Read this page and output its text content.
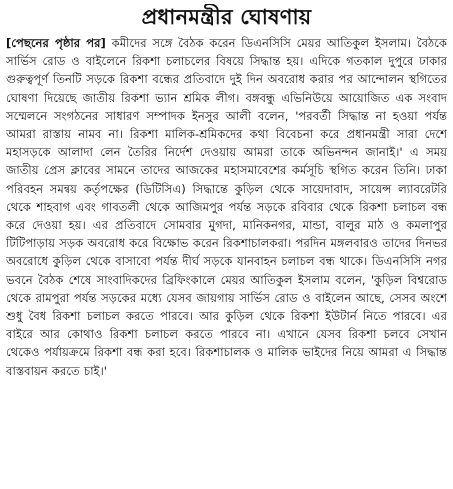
প্রধানমন্ত্রীর ঘোষণায়

[পেছনের পৃষ্ঠার পর] কমীদের সঙ্গে বৈঠক করেন ডিএনসিসি মেয়র আতিকুল ইসলাম। বৈঠকে সার্ভিস রোড ও বাইলেনে রিকশা চলাচলের বিষয়ে সিদ্ধান্ত হয়। এদিকে গতকাল দুপুরে ঢাকার গুরুত্বপূর্ণ তিনটি সড়কে রিকশা বন্ধের প্রতিবাদে দুই দিন অবরোধ করার পর আন্দোলন স্থগিতের ঘোষণা দিয়েছে জাতীয় রিকশা ভ্যান শ্রমিক লীগ। বঙ্গবন্ধু এভিনিউয়ে আয়োজিত এক সংবাদ সম্মেলনে সংগঠনের সাধারণ সম্পাদক ইনসুর আলী বলেন, 'পরবর্তী সিদ্ধান্ত না হওয়া পর্যন্ত আমরা রাস্তায় নামব না। রিকশা মালিক-শ্রমিকদের কথা বিবেচনা করে প্রধানমন্ত্রী সারা দেশে মহাসড়কে আলাদা লেন তৈরির নির্দেশ দেওয়ায় আমরা তাকে অভিনন্দন জানাই।' এ সময় জাতীয় প্রেস ক্লাবের সামনে তাদের আজকের মহাসমাবেশের কর্মসূচি স্থগিত করেন তিনি। ঢাকা পরিবহন সমন্বয় কর্তৃপক্ষের (ডিটিসিএ) সিদ্ধান্তে কুড়িল থেকে সায়েদাবাদ, সায়েন্স ল্যাবরেটরি থেকে শাহবাগ এবং গাবতলী থেকে আজিমপুর পর্যন্ত সড়কে রবিবার থেকে রিকশা চলাচল বন্ধ করে দেওয়া হয়। এর প্রতিবাদে সোমবার মুগদা, মানিকনগর, মান্ডা, বালুর মাঠ ও কমলাপুর টিটিপাড়ায় সড়ক অবরোধ করে বিক্ষোভ করেন রিকশাচালকরা। পরদিন মঙ্গলবারও তাদের দিনভর অবরোধে কুড়িল থেকে বাসাবো পর্যন্ত দীর্ঘ সড়কে যানবাহন চলাচল বন্ধ থাকে। ডিএনসিসি নগর ভবনে বৈঠক শেষে সাংবাদিকদের ব্রিফিংকালে মেয়র আতিকুল ইসলাম বলেন, 'কুড়িল বিশ্বরোড থেকে রামপুরা পর্যন্ত সড়কের মধ্যে যেসব জায়গায় সার্ভিস রোড ও বাইলেন আছে, সেসব অংশে শুধু বৈধ রিকশা চলাচল করতে পারবে। আর কুড়িল থেকে রিকশা ইউটার্ন নিতে পারবে। এর বাইরে আর কোথাও রিকশা চলাচল করতে পারবে না। এখানে যেসব রিকশা চলবে সেখান থেকেও পর্যায়ক্রমে রিকশা বন্ধ করা হবে। রিকশাচালক ও মালিক ভাইদের নিয়ে আমরা এ সিদ্ধান্ত বাস্তবায়ন করতে চাই।'
